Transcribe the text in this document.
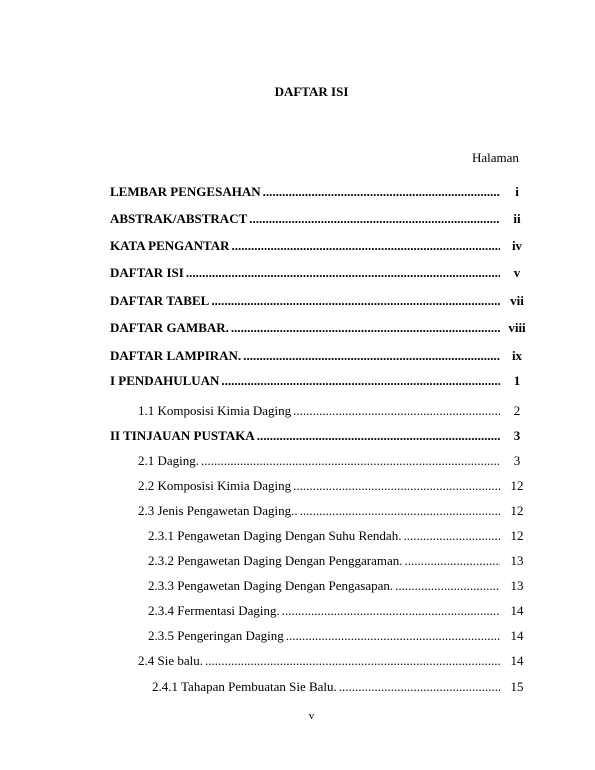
DAFTAR ISI
Halaman
LEMBAR PENGESAHAN .....	i
ABSTRAK/ABSTRACT .....	ii
KATA PENGANTAR .....	iv
DAFTAR ISI .....	v
DAFTAR TABEL .....	vii
DAFTAR GAMBAR. .....	viii
DAFTAR LAMPIRAN. .....	ix
I PENDAHULUAN .....	1
1.1 Komposisi Kimia Daging .....	2
II TINJAUAN PUSTAKA .....	3
2.1 Daging. .....	3
2.2 Komposisi Kimia Daging .....	12
2.3 Jenis Pengawetan Daging.. .....	12
2.3.1 Pengawetan Daging Dengan Suhu Rendah. .....	12
2.3.2 Pengawetan Daging Dengan Penggaraman. .....	13
2.3.3 Pengawetan Daging Dengan Pengasapan. .....	13
2.3.4 Fermentasi Daging. .....	14
2.3.5 Pengeringan Daging .....	14
2.4 Sie balu. .....	14
2.4.1 Tahapan Pembuatan Sie Balu. .....	15
v
